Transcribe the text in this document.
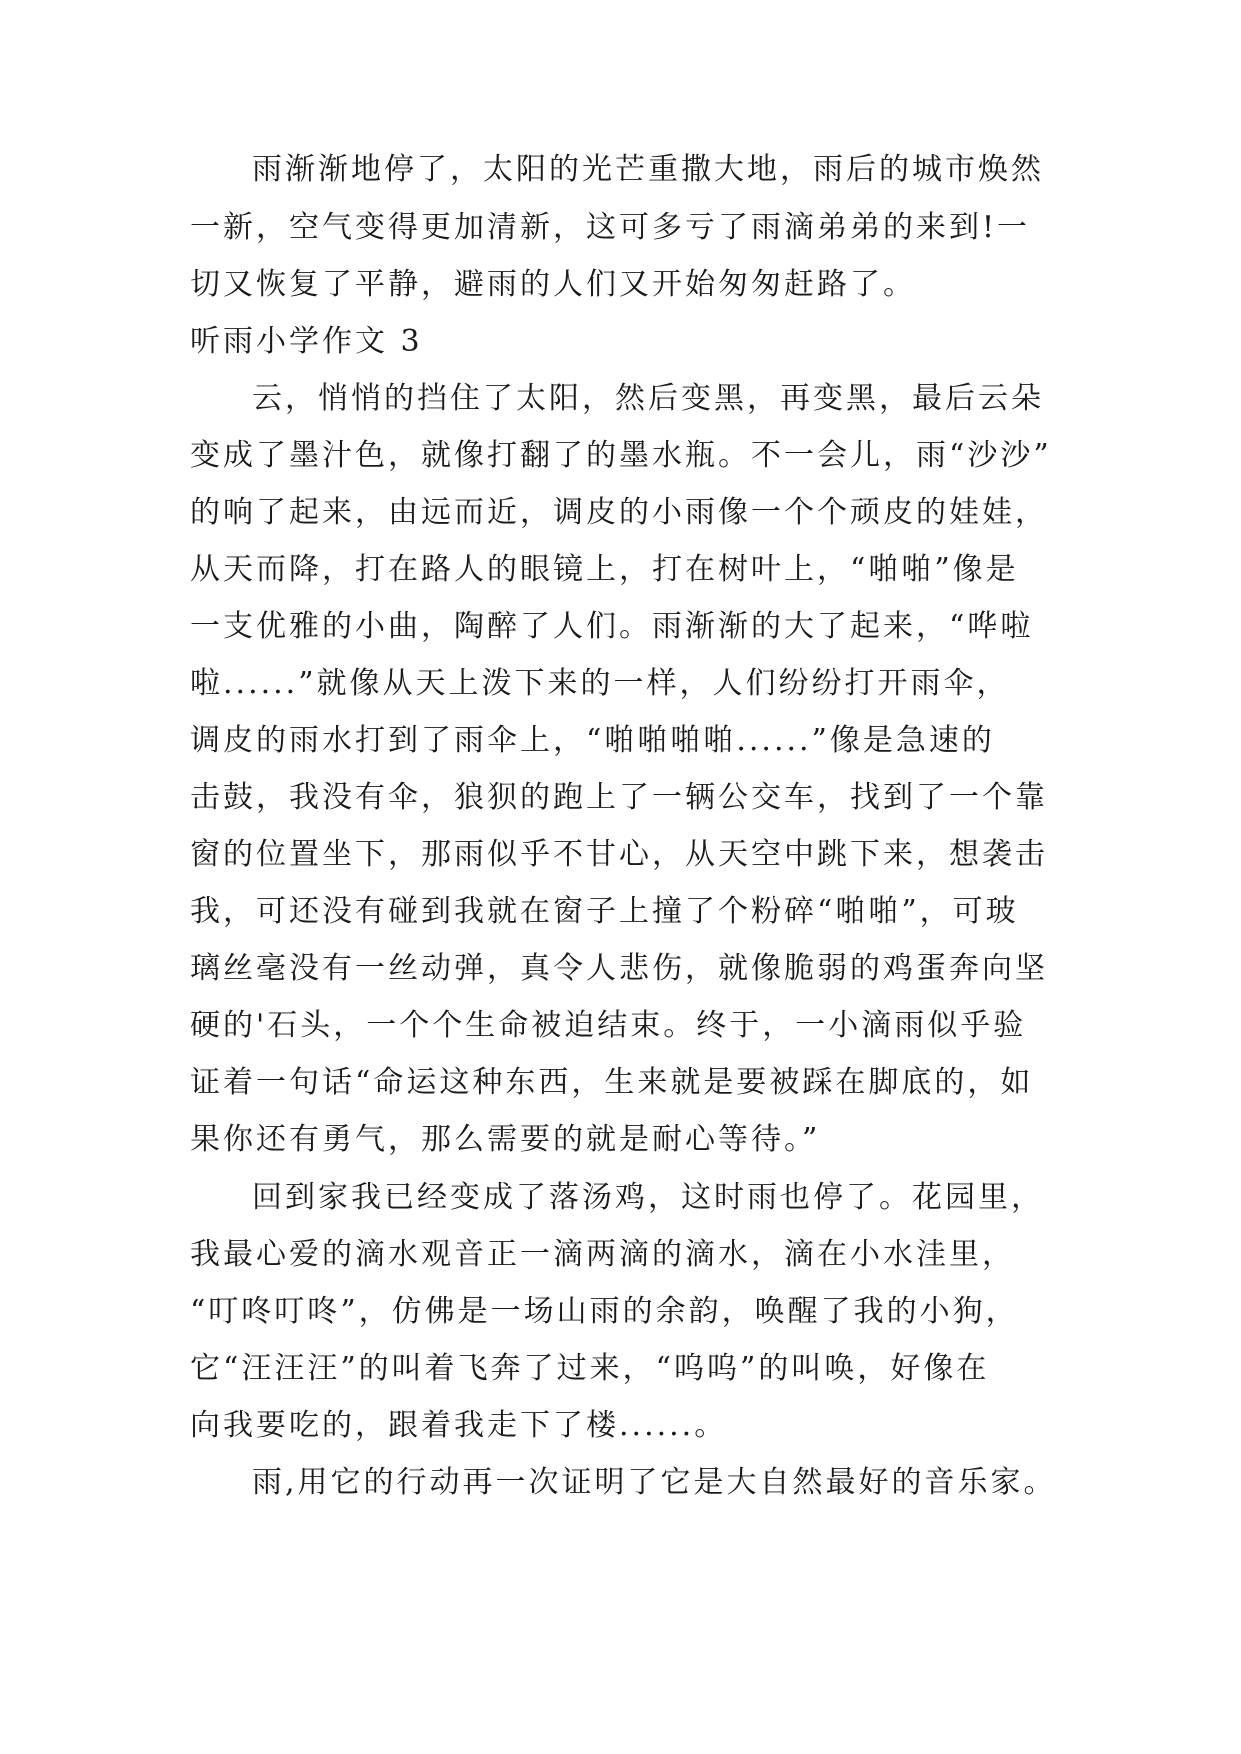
雨渐渐地停了，太阳的光芒重撒大地，雨后的城市焕然
一新，空气变得更加清新，这可多亏了雨滴弟弟的来到!一
切又恢复了平静，避雨的人们又开始匆匆赶路了。
听雨小学作文 3
云，悄悄的挡住了太阳，然后变黑，再变黑，最后云朵
变成了墨汁色，就像打翻了的墨水瓶。不一会儿，雨“沙沙”
的响了起来，由远而近，调皮的小雨像一个个顽皮的娃娃，
从天而降，打在路人的眼镜上，打在树叶上，“啪啪”像是
一支优雅的小曲，陶醉了人们。雨渐渐的大了起来，“哗啦
啦......”就像从天上泼下来的一样，人们纷纷打开雨伞，
调皮的雨水打到了雨伞上，“啪啪啪啪......”像是急速的
击鼓，我没有伞，狼狈的跑上了一辆公交车，找到了一个靠
窗的位置坐下，那雨似乎不甘心，从天空中跳下来，想袭击
我，可还没有碰到我就在窗子上撞了个粉碎“啪啪”，可玻
璃丝毫没有一丝动弹，真令人悲伤，就像脆弱的鸡蛋奔向坚
硬的'石头，一个个生命被迫结束。终于，一小滴雨似乎验
证着一句话“命运这种东西，生来就是要被踩在脚底的，如
果你还有勇气，那么需要的就是耐心等待。”
回到家我已经变成了落汤鸡，这时雨也停了。花园里，
我最心爱的滴水观音正一滴两滴的滴水，滴在小水洼里，
“叮咚叮咚”，仿佛是一场山雨的余韵，唤醒了我的小狗，
它“汪汪汪”的叫着飞奔了过来，“呜呜”的叫唤，好像在
向我要吃的，跟着我走下了楼......。
雨,用它的行动再一次证明了它是大自然最好的音乐家。
